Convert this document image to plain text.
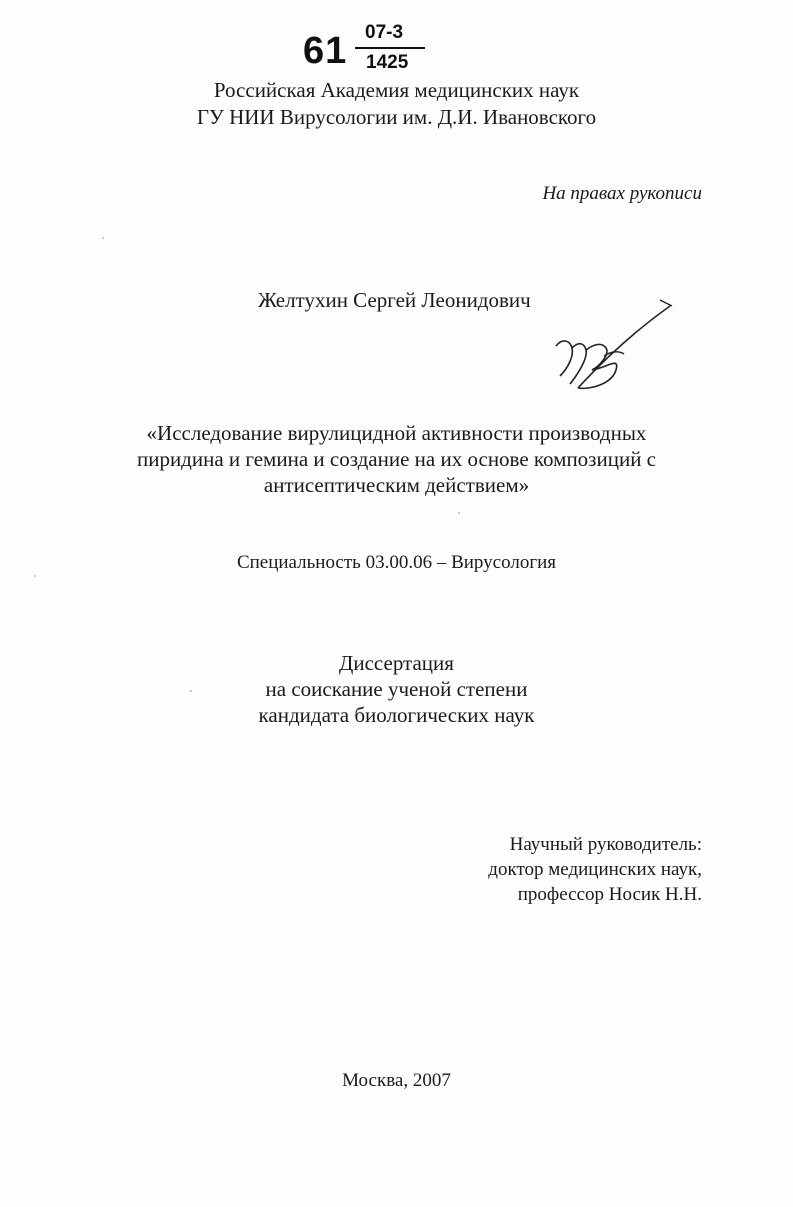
61 07-3
1425
Российская Академия медицинских наук
ГУ НИИ Вирусологии им. Д.И. Ивановского
На правах рукописи
Желтухин Сергей Леонидович
«Исследование вирулицидной активности производных
пиридина и гемина и создание на их основе композиций с
антисептическим действием»
Специальность 03.00.06 – Вирусология
Диссертация
на соискание ученой степени
кандидата биологических наук
Научный руководитель:
доктор медицинских наук,
профессор Носик Н.Н.
Москва, 2007
